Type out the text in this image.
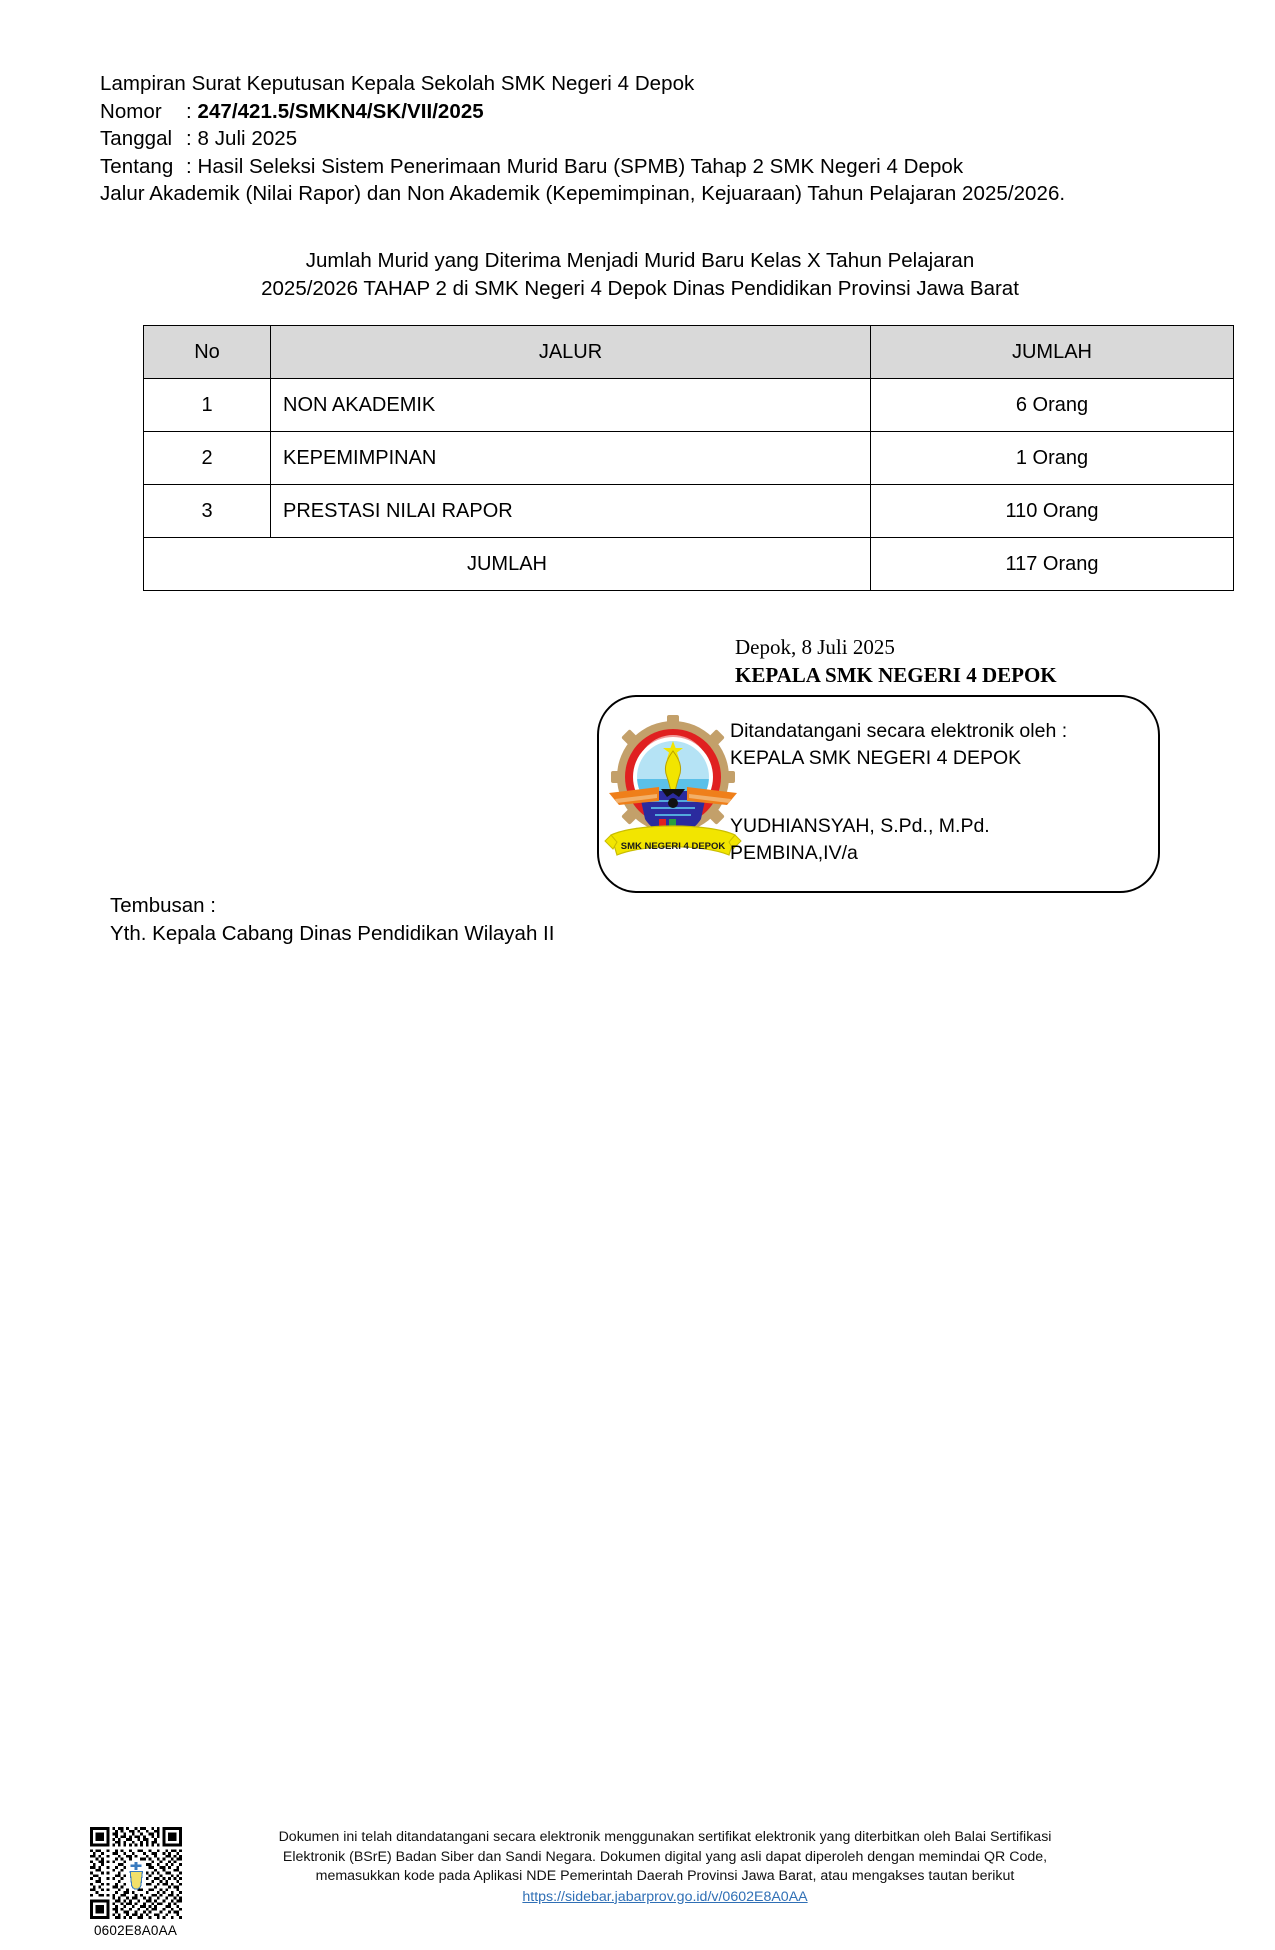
Lampiran Surat Keputusan Kepala Sekolah SMK Negeri 4 Depok
Nomor : 247/421.5/SMKN4/SK/VII/2025
Tanggal : 8 Juli 2025
Tentang : Hasil Seleksi Sistem Penerimaan Murid Baru (SPMB) Tahap 2 SMK Negeri 4 Depok
Jalur Akademik (Nilai Rapor) dan Non Akademik (Kepemimpinan, Kejuaraan) Tahun Pelajaran 2025/2026.
Jumlah Murid yang Diterima Menjadi Murid Baru Kelas X Tahun Pelajaran
2025/2026 TAHAP 2 di SMK Negeri 4 Depok Dinas Pendidikan Provinsi Jawa Barat
No	JALUR	JUMLAH
1	NON AKADEMIK	6 Orang
2	KEPEMIMPINAN	1 Orang
3	PRESTASI NILAI RAPOR	110 Orang
JUMLAH		117 Orang
Depok, 8 Juli 2025
KEPALA SMK NEGERI 4 DEPOK
SMK NEGERI 4 DEPOK
Ditandatangani secara elektronik oleh :
KEPALA SMK NEGERI 4 DEPOK
YUDHIANSYAH, S.Pd., M.Pd.
PEMBINA,IV/a
Tembusan :
Yth. Kepala Cabang Dinas Pendidikan Wilayah II
0602E8A0AA
Dokumen ini telah ditandatangani secara elektronik menggunakan sertifikat elektronik yang diterbitkan oleh Balai Sertifikasi
Elektronik (BSrE) Badan Siber dan Sandi Negara. Dokumen digital yang asli dapat diperoleh dengan memindai QR Code,
memasukkan kode pada Aplikasi NDE Pemerintah Daerah Provinsi Jawa Barat, atau mengakses tautan berikut
https://sidebar.jabarprov.go.id/v/0602E8A0AA
